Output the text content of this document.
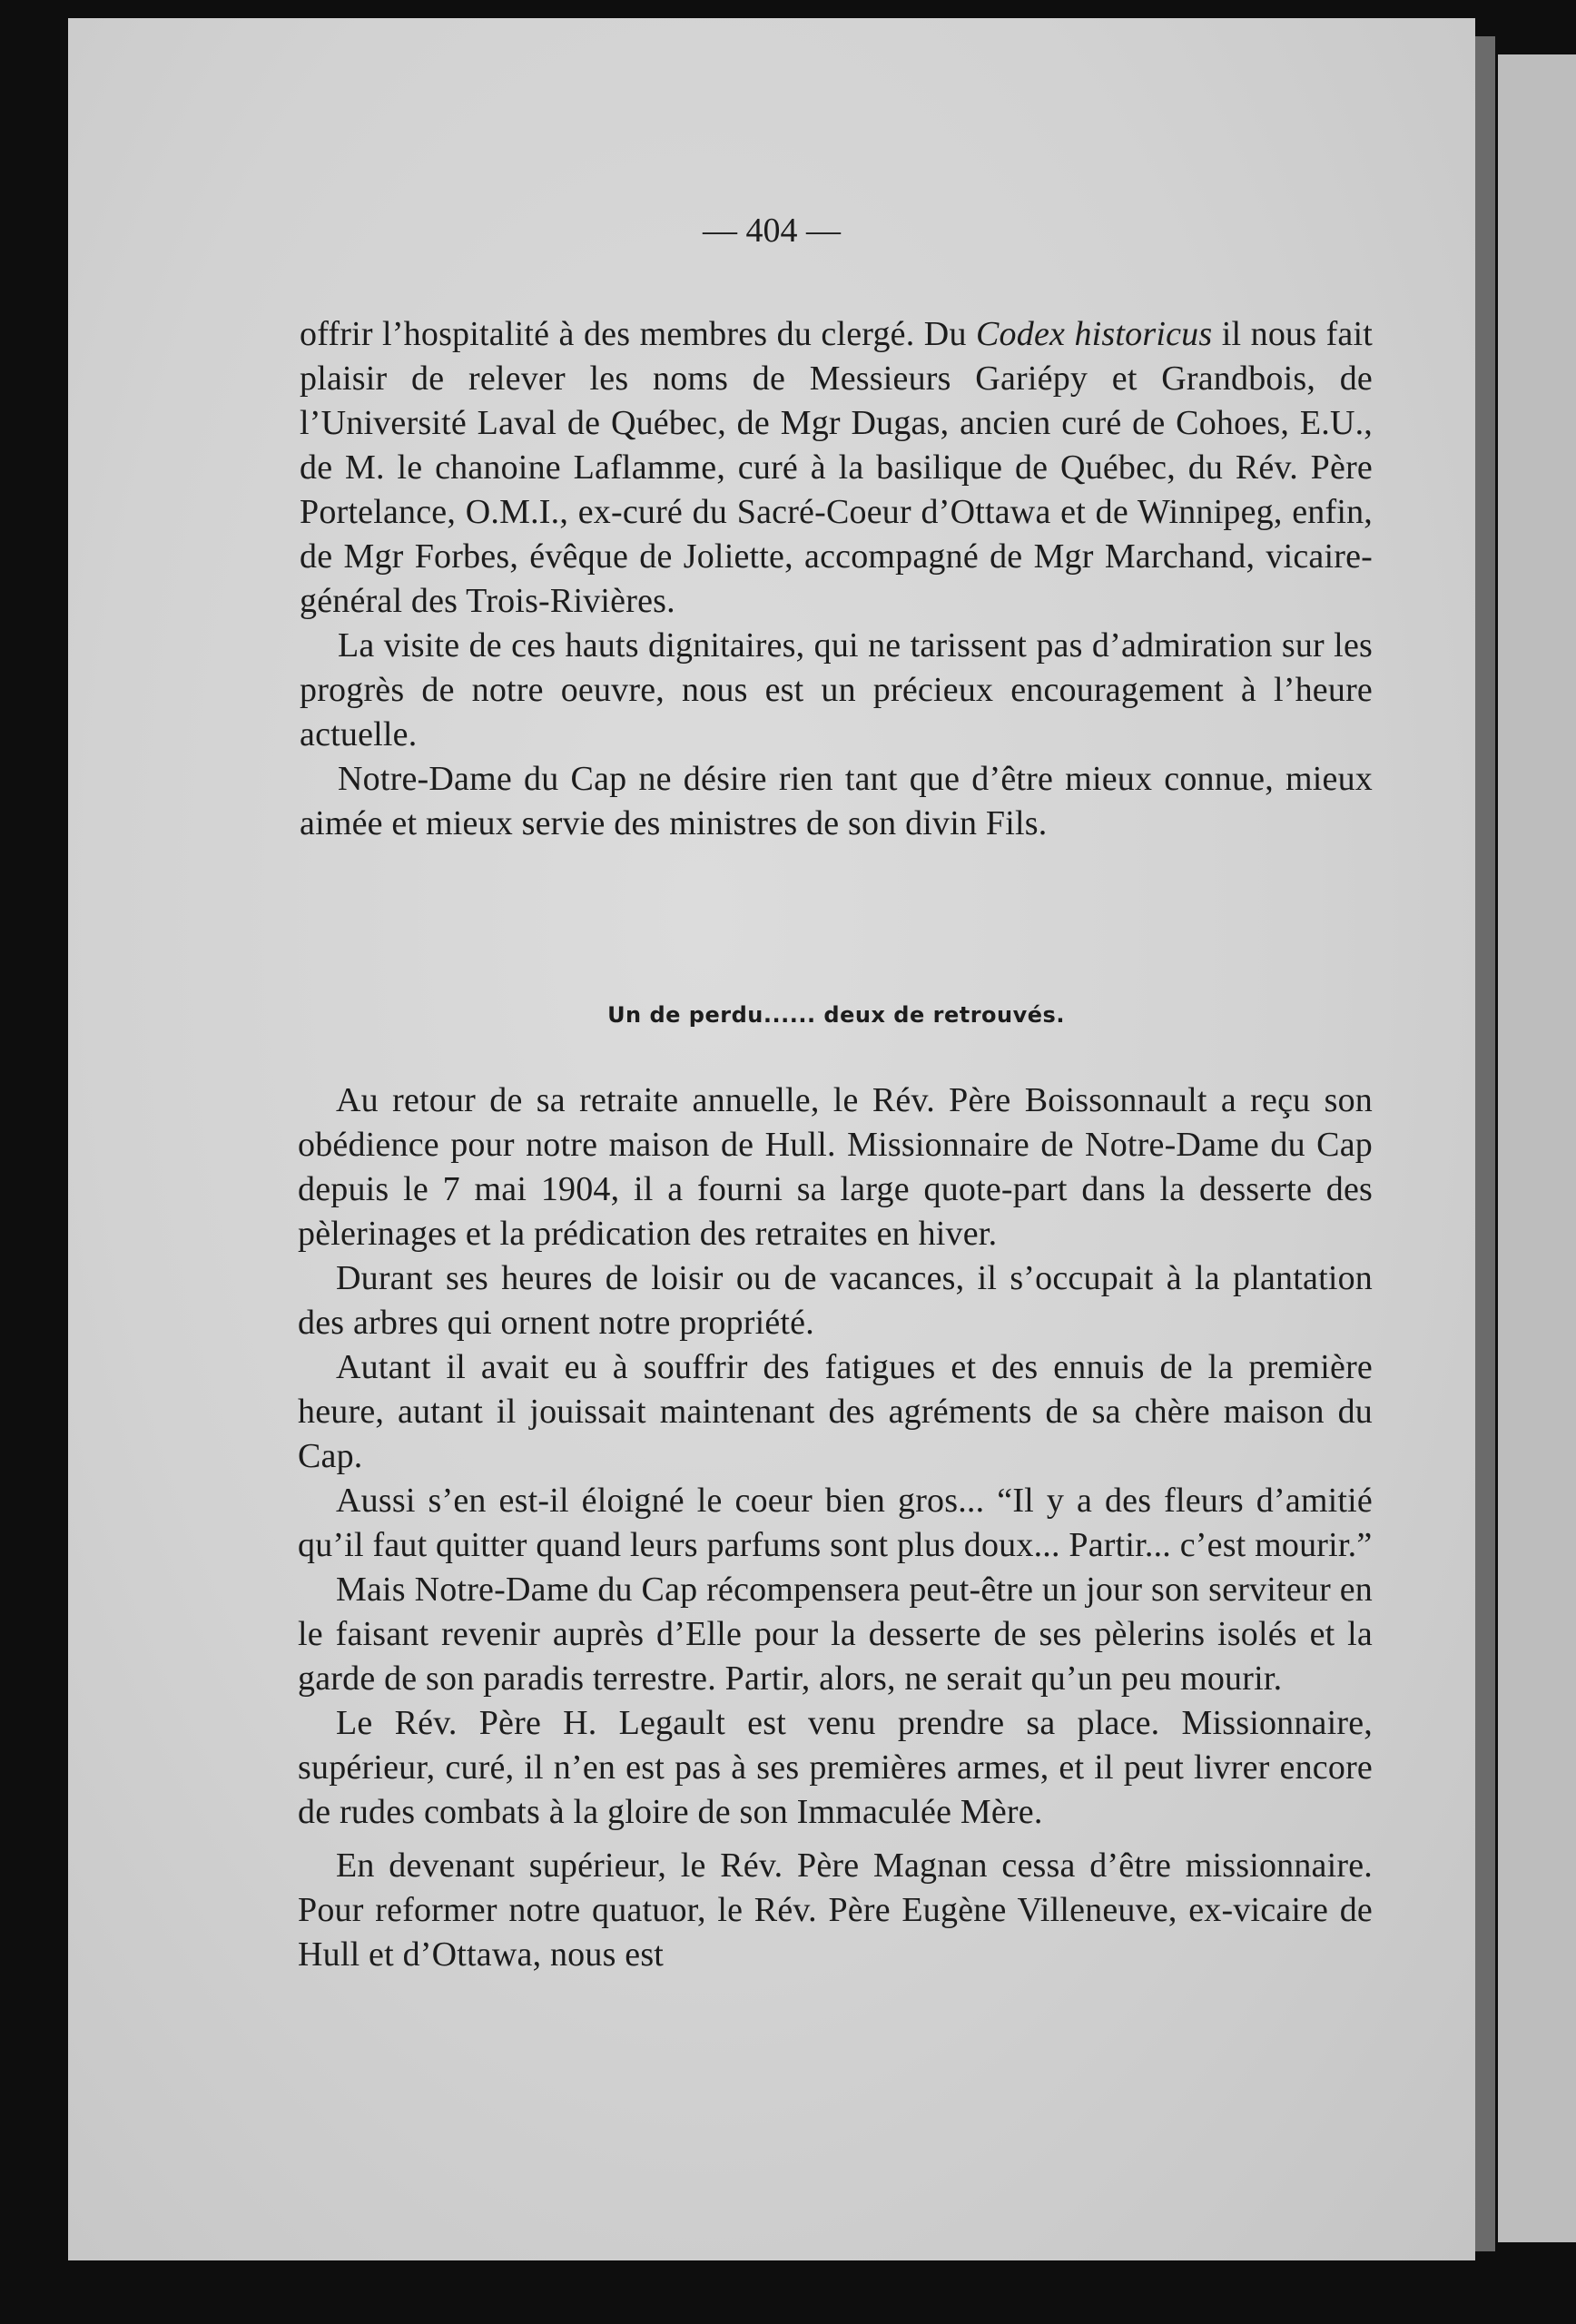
— 404 —

offrir l’hospitalité à des membres du clergé. Du Codex historicus il nous fait plaisir de relever les noms de Messieurs Gariépy et Grandbois, de l’Université Laval de Québec, de Mgr Dugas, ancien curé de Cohoes, E.U., de M. le chanoine Laflamme, curé à la basilique de Québec, du Rév. Père Portelance, O.M.I., ex-curé du Sacré-Coeur d’Ottawa et de Winnipeg, enfin, de Mgr Forbes, évêque de Joliette, accompagné de Mgr Marchand, vicaire-général des Trois-Rivières.

La visite de ces hauts dignitaires, qui ne tarissent pas d’admiration sur les progrès de notre oeuvre, nous est un précieux encouragement à l’heure actuelle.

Notre-Dame du Cap ne désire rien tant que d’être mieux connue, mieux aimée et mieux servie des ministres de son divin Fils.

Un de perdu...... deux de retrouvés.

Au retour de sa retraite annuelle, le Rév. Père Boissonnault a reçu son obédience pour notre maison de Hull. Missionnaire de Notre-Dame du Cap depuis le 7 mai 1904, il a fourni sa large quote-part dans la desserte des pèlerinages et la prédication des retraites en hiver.

Durant ses heures de loisir ou de vacances, il s’occupait à la plantation des arbres qui ornent notre propriété.

Autant il avait eu à souffrir des fatigues et des ennuis de la première heure, autant il jouissait maintenant des agréments de sa chère maison du Cap.

Aussi s’en est-il éloigné le coeur bien gros... “Il y a des fleurs d’amitié qu’il faut quitter quand leurs parfums sont plus doux... Partir... c’est mourir.”

Mais Notre-Dame du Cap récompensera peut-être un jour son serviteur en le faisant revenir auprès d’Elle pour la desserte de ses pèlerins isolés et la garde de son paradis terrestre. Partir, alors, ne serait qu’un peu mourir.

Le Rév. Père H. Legault est venu prendre sa place. Missionnaire, supérieur, curé, il n’en est pas à ses premières armes, et il peut livrer encore de rudes combats à la gloire de son Immaculée Mère.

En devenant supérieur, le Rév. Père Magnan cessa d’être missionnaire. Pour reformer notre quatuor, le Rév. Père Eugène Villeneuve, ex-vicaire de Hull et d’Ottawa, nous est
